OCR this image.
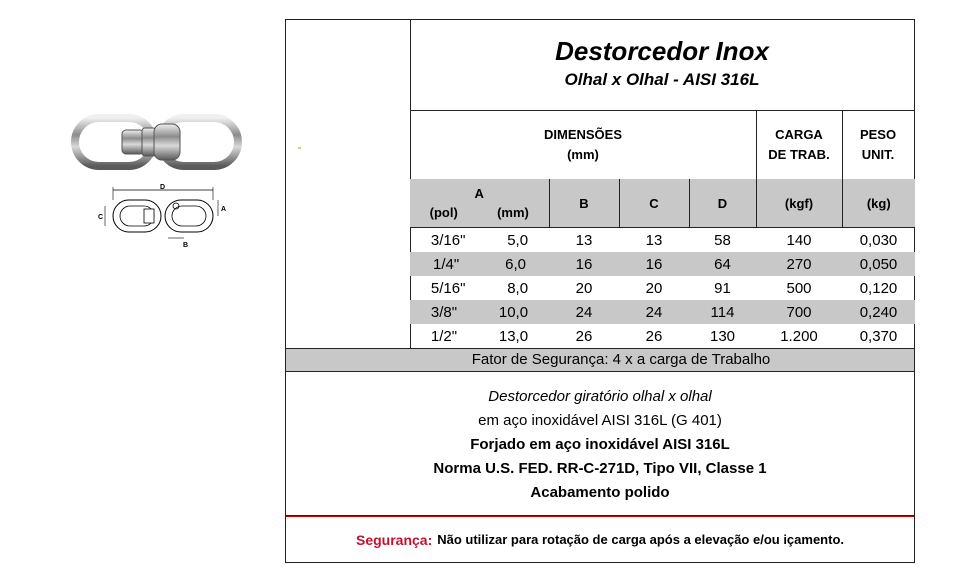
D
C
A
B
Destorcedor Inox
Olhal x Olhal - AISI 316L
DIMENSÕES
(mm)
CARGA
DE TRAB.
PESO
UNIT.
A
(pol) (mm)	B	C	D	(kgf)	(kg)

3/16"	5,0	13	13	58	140	0,030

1/4"	6,0	16	16	64	270	0,050

5/16"	8,0	20	20	91	500	0,120

3/8"	10,0	24	24	114	700	0,240

1/2"	13,0	26	26	130	1.200	0,370
Fator de Segurança: 4 x a carga de Trabalho
Destorcedor giratório olhal x olhal
em aço inoxidável AISI 316L (G 401)
Forjado em aço inoxidável AISI 316L
Norma U.S. FED. RR-C-271D, Tipo VII, Classe 1
Acabamento polido
Segurança: Não utilizar para rotação de carga após a elevação e/ou içamento.
